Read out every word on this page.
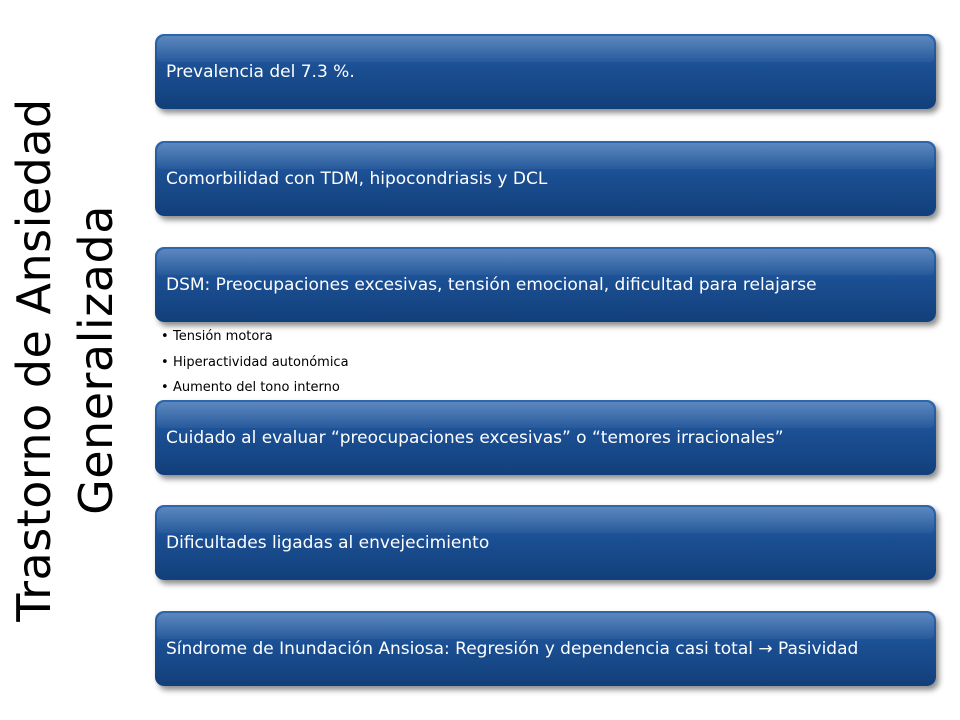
Trastorno de Ansiedad Generalizada
Prevalencia del 7.3 %.
Comorbilidad con TDM, hipocondriasis y DCL
DSM: Preocupaciones excesivas, tensión emocional, dificultad para relajarse
• Tensión motora
• Hiperactividad autonómica
• Aumento del tono interno
Cuidado al evaluar “preocupaciones excesivas” o “temores irracionales”
Dificultades ligadas al envejecimiento
Síndrome de Inundación Ansiosa: Regresión y dependencia casi total → Pasividad
